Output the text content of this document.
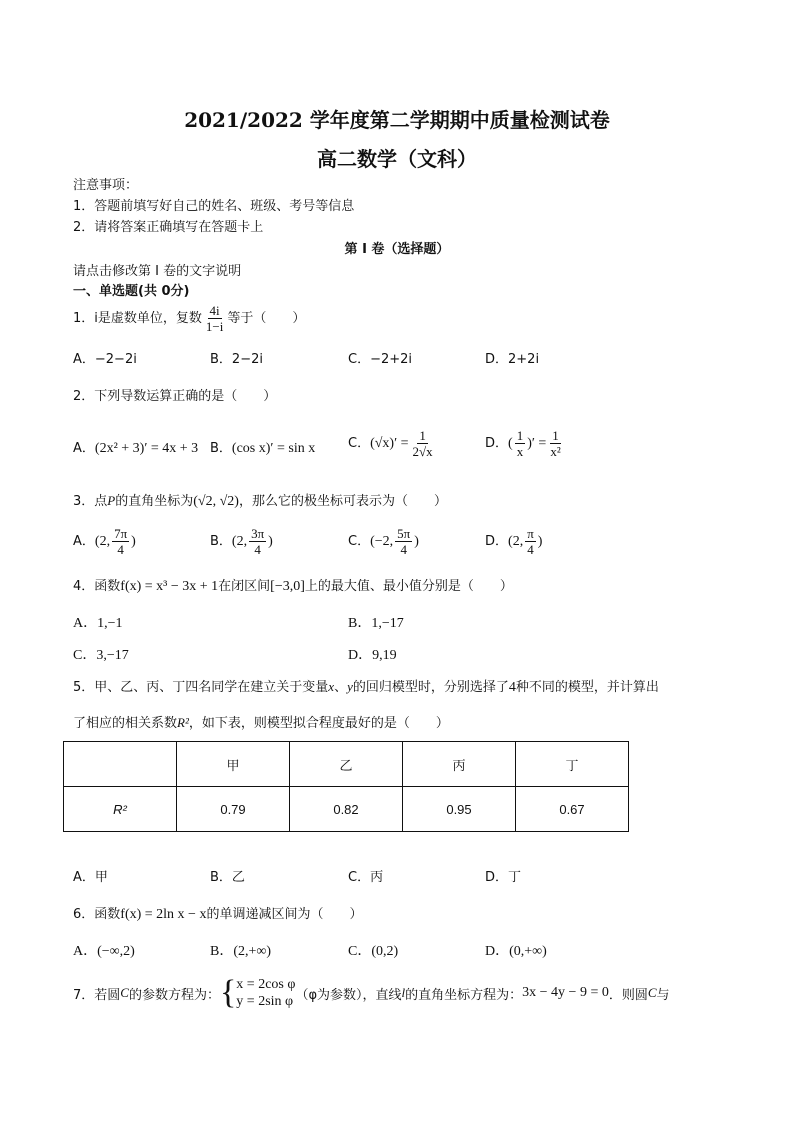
2021/2022 学年度第二学期期中质量检测试卷
高二数学（文科）
注意事项：
1．答题前填写好自己的姓名、班级、考号等信息
2．请将答案正确填写在答题卡上
第 I 卷（选择题）
请点击修改第 I 卷的文字说明
一、单选题(共 0分)
1．i是虚数单位，复数 $\frac{4i}{1-i}$ 等于（　　）
A．−2−2i	B．2−2i	C．−2+2i	D．2+2i
2．下列导数运算正确的是（　　）
A．(2x² + 3)′ = 4x + 3 B．(cos x)′ = sin x	C．$(√x)' = \frac{1}{2√x}$	D．( $\frac{1}{x}$ )′ = $\frac{1}{\text{x²}}$
3．点P的直角坐标为(√2, √2)，那么它的极坐标可表示为（　　）
A．(2, $\frac{7\pi}{4}$ )	B．(2, $\frac{3\pi}{4}$ )	C．(−2, $\frac{5\pi}{4}$ )	D．(2, $\frac{\pi}{4}$ )
4．函数f(x) = x³ − 3x + 1在闭区间[−3,0]上的最大值、最小值分别是（　　）
A．1,−1	B．1,−17
C．3,−17	D．9,19
5．甲、乙、丙、丁四名同学在建立关于变量x、y的回归模型时，分别选择了4种不同的模型，并计算出
了相应的相关系数R²，如下表，则模型拟合程度最好的是（　　）
	甲	乙	丙	丁
R²	0.79	0.82	0.95	0.67
A．甲	B．乙	C．丙	D．丁
6．函数f(x) = 2ln x − x的单调递减区间为（　　）
A．(−∞,2)	B．(2,+∞)	C．(0,2)	D．(0,+∞)
7．若圆 C 的参数方程为： { x = 2cos φ
y = 2sin φ （φ为参数），直线 l 的直角坐标方程为： 3x − 4y − 9 = 0 ．则圆 C 与
